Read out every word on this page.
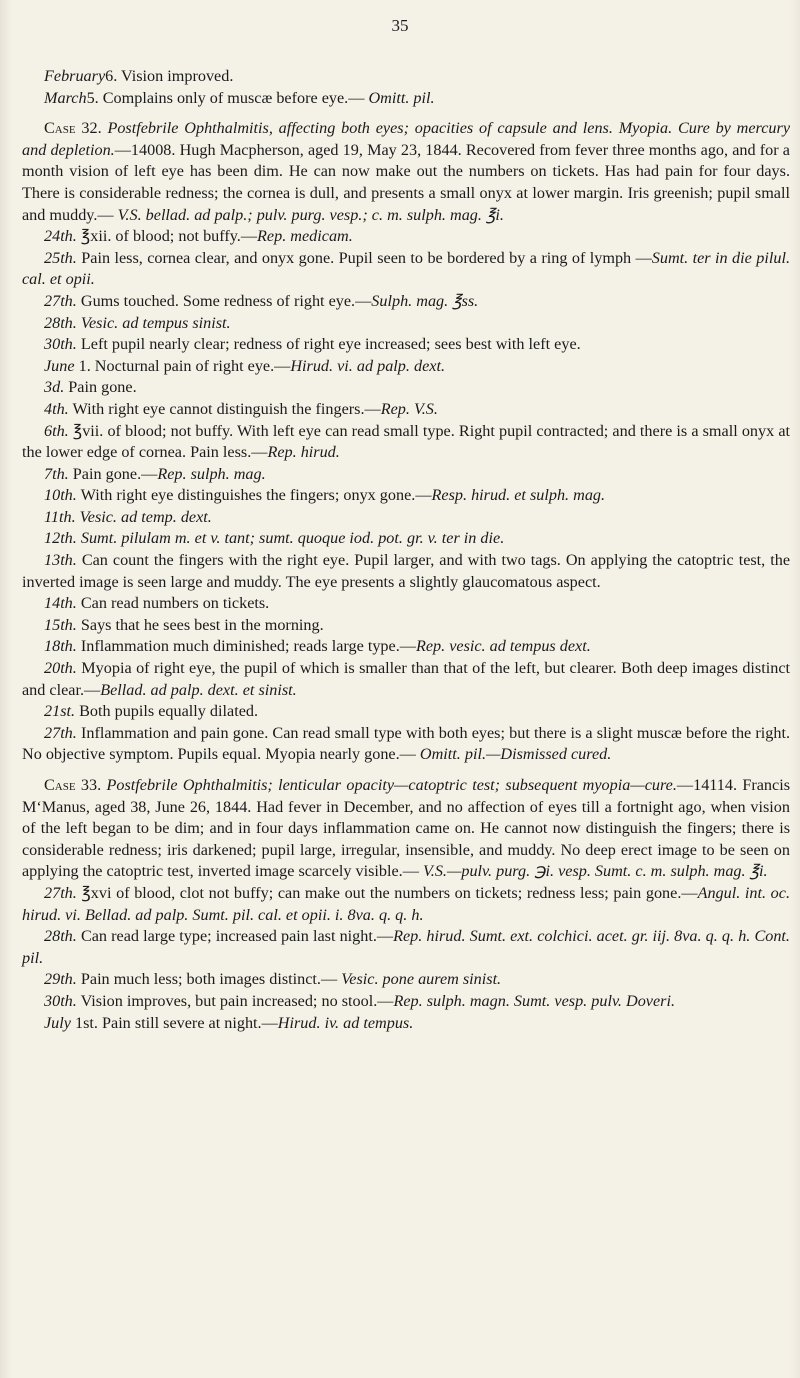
35

February6. Vision improved.

March5. Complains only of muscæ before eye.— Omitt. pil.

Case 32. Postfebrile Ophthalmitis, affecting both eyes; opacities of capsule and lens. Myopia. Cure by mercury and depletion.—14008. Hugh Macpherson, aged 19, May 23, 1844. Recovered from fever three months ago, and for a month vision of left eye has been dim. He can now make out the numbers on tickets. Has had pain for four days. There is considerable redness; the cornea is dull, and presents a small onyx at lower margin. Iris greenish; pupil small and muddy.— V.S. bellad. ad palp.; pulv. purg. vesp.; c. m. sulph. mag. ℥i.

24th. ℥xii. of blood; not buffy.—Rep. medicam.

25th. Pain less, cornea clear, and onyx gone. Pupil seen to be bordered by a ring of lymph —Sumt. ter in die pilul. cal. et opii.

27th. Gums touched. Some redness of right eye.—Sulph. mag. ℥ss.

28th. Vesic. ad tempus sinist.

30th. Left pupil nearly clear; redness of right eye increased; sees best with left eye.

June 1. Nocturnal pain of right eye.—Hirud. vi. ad palp. dext.

3d. Pain gone.

4th. With right eye cannot distinguish the fingers.—Rep. V.S.

6th. ℥vii. of blood; not buffy. With left eye can read small type. Right pupil contracted; and there is a small onyx at the lower edge of cornea. Pain less.—Rep. hirud.

7th. Pain gone.—Rep. sulph. mag.

10th. With right eye distinguishes the fingers; onyx gone.—Resp. hirud. et sulph. mag.

11th. Vesic. ad temp. dext.

12th. Sumt. pilulam m. et v. tant; sumt. quoque iod. pot. gr. v. ter in die.

13th. Can count the fingers with the right eye. Pupil larger, and with two tags. On applying the catoptric test, the inverted image is seen large and muddy. The eye presents a slightly glaucomatous aspect.

14th. Can read numbers on tickets.

15th. Says that he sees best in the morning.

18th. Inflammation much diminished; reads large type.—Rep. vesic. ad tempus dext.

20th. Myopia of right eye, the pupil of which is smaller than that of the left, but clearer. Both deep images distinct and clear.—Bellad. ad palp. dext. et sinist.

21st. Both pupils equally dilated.

27th. Inflammation and pain gone. Can read small type with both eyes; but there is a slight muscæ before the right. No objective symptom. Pupils equal. Myopia nearly gone.— Omitt. pil.—Dismissed cured.

Case 33. Postfebrile Ophthalmitis; lenticular opacity—catoptric test; subsequent myopia—cure.—14114. Francis M‘Manus, aged 38, June 26, 1844. Had fever in December, and no affection of eyes till a fortnight ago, when vision of the left began to be dim; and in four days inflammation came on. He cannot now distinguish the fingers; there is considerable redness; iris darkened; pupil large, irregular, insensible, and muddy. No deep erect image to be seen on applying the catoptric test, inverted image scarcely visible.— V.S.—pulv. purg. ℈i. vesp. Sumt. c. m. sulph. mag. ℥i.

27th. ℥xvi of blood, clot not buffy; can make out the numbers on tickets; redness less; pain gone.—Angul. int. oc. hirud. vi. Bellad. ad palp. Sumt. pil. cal. et opii. i. 8va. q. q. h.

28th. Can read large type; increased pain last night.—Rep. hirud. Sumt. ext. colchici. acet. gr. iij. 8va. q. q. h. Cont. pil.

29th. Pain much less; both images distinct.— Vesic. pone aurem sinist.

30th. Vision improves, but pain increased; no stool.—Rep. sulph. magn. Sumt. vesp. pulv. Doveri.

July 1st. Pain still severe at night.—Hirud. iv. ad tempus.
